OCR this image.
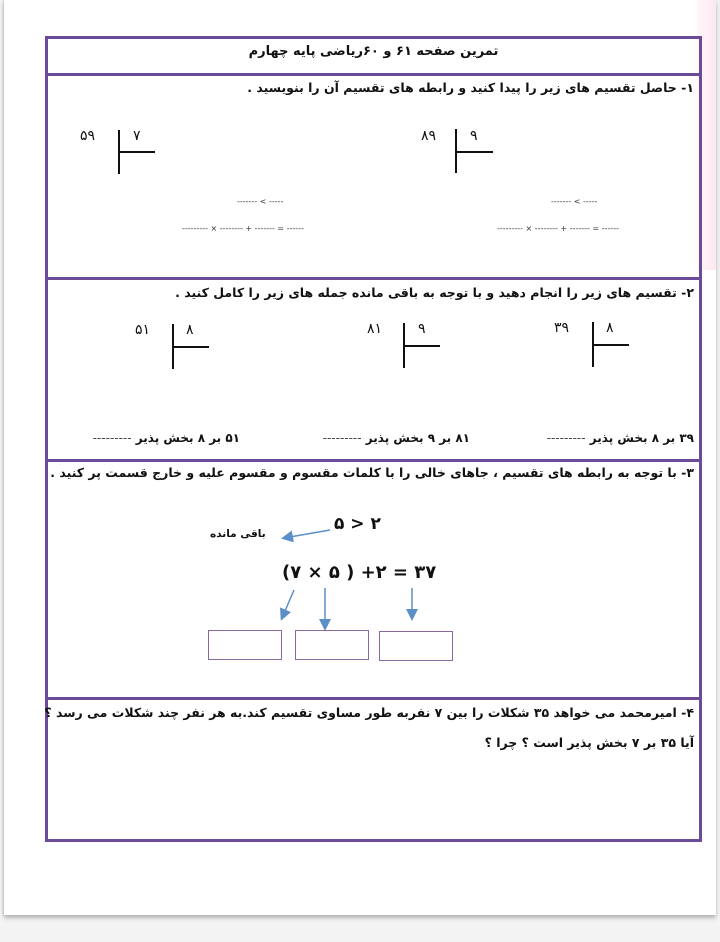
تمرین صفحه ۶۱ و ۶۰ریاضی پایه چهارم
۱- حاصل تقسیم های زیر را پیدا کنید و رابطه های تقسیم آن را بنویسید .
۸۹ ۹
۵۹	۷
------- < -----
--------- × -------- + ------- = ------
------- < -----
--------- × -------- + ------- = ------
۲- تقسیم های زیر را انجام دهید و با توجه به باقی مانده جمله های زیر را کامل کنید .
۳۹	۸
۸۱	۹
۵۱	۸
۳۹ بر ۸ بخش پذیر ---------
۸۱ بر ۹ بخش پذیر ---------
۵۱ بر ۸ بخش پذیر ---------
۳- با توجه به رابطه های تقسیم ، جاهای خالی را با کلمات مقسوم و مقسوم علیه و خارج قسمت پر کنید .
۲ < ۵
باقی مانده
(۷ × ۵ ) +۲ = ۳۷
۴- امیرمحمد می خواهد ۳۵ شکلات را بین ۷ نفربه طور مساوی تقسیم کند.به هر نفر چند شکلات می رسد ؟
آیا ۳۵ بر ۷ بخش پذیر است ؟ چرا ؟
